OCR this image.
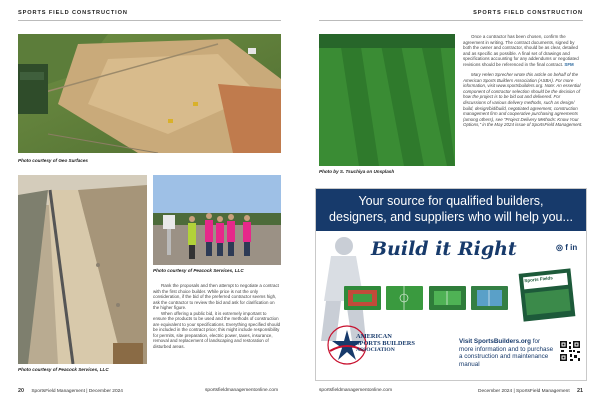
SPORTS FIELD CONSTRUCTION	SPORTS FIELD CONSTRUCTION
Photo courtesy of Geo Surfaces
Photo courtesy of Peacock Services, LLC
Photo courtesy of Peacock Services, LLC

Rank the proposals and then attempt to negotiate a contract with the first choice builder. While price is not the only consideration, if the bid of the preferred contractor seems high, ask the contractor to review the bid and ask for clarification on the higher figure.

When offering a public bid, it is extremely important to ensure the products to be used and the methods of construction are equivalent to your specifications. Everything specified should be included in the contract price; this might include responsibility for permits, site preparation, electric power, taxes, insurance, removal and replacement of landscaping and restoration of disturbed areas.

Photo by S. Tsuchiya on Unsplash

Once a contractor has been chosen, confirm the agreement in writing. The contract documents, signed by both the owner and contractor, should be as clear, detailed and as specific as possible. A final set of drawings and specifications accounting for any addendums or negotiated revisions should be referenced in the final contract. SFM

Mary Helen Sprecher wrote this article on behalf of the American Sports Builders Association (ASBA). For more information, visit www.sportsbuilders.org. Note: An essential component of contractor selection should be the decision of how the project is to be bid out and delivered. For discussions of various delivery methods, such as design/ build, design/bid/build, negotiated agreement, construction management firm and cooperative purchasing agreements (among others), see "Project Delivery Methods: Know Your Options," in the May 2024 issue of SportsField Management.

Your source for qualified builders,
designers, and suppliers who will help you...
Build it Right	◎ f in
Sports Fields
AMERICAN
SPORTS BUILDERS
ASSOCIATION
Visit SportsBuilders.org for more information and to purchase a construction and maintenance manual
20 SportsField Management | December 2024	sportsfieldmanagementonline.com	sportsfieldmanagementonline.com	December 2024 | SportsField Management 21
